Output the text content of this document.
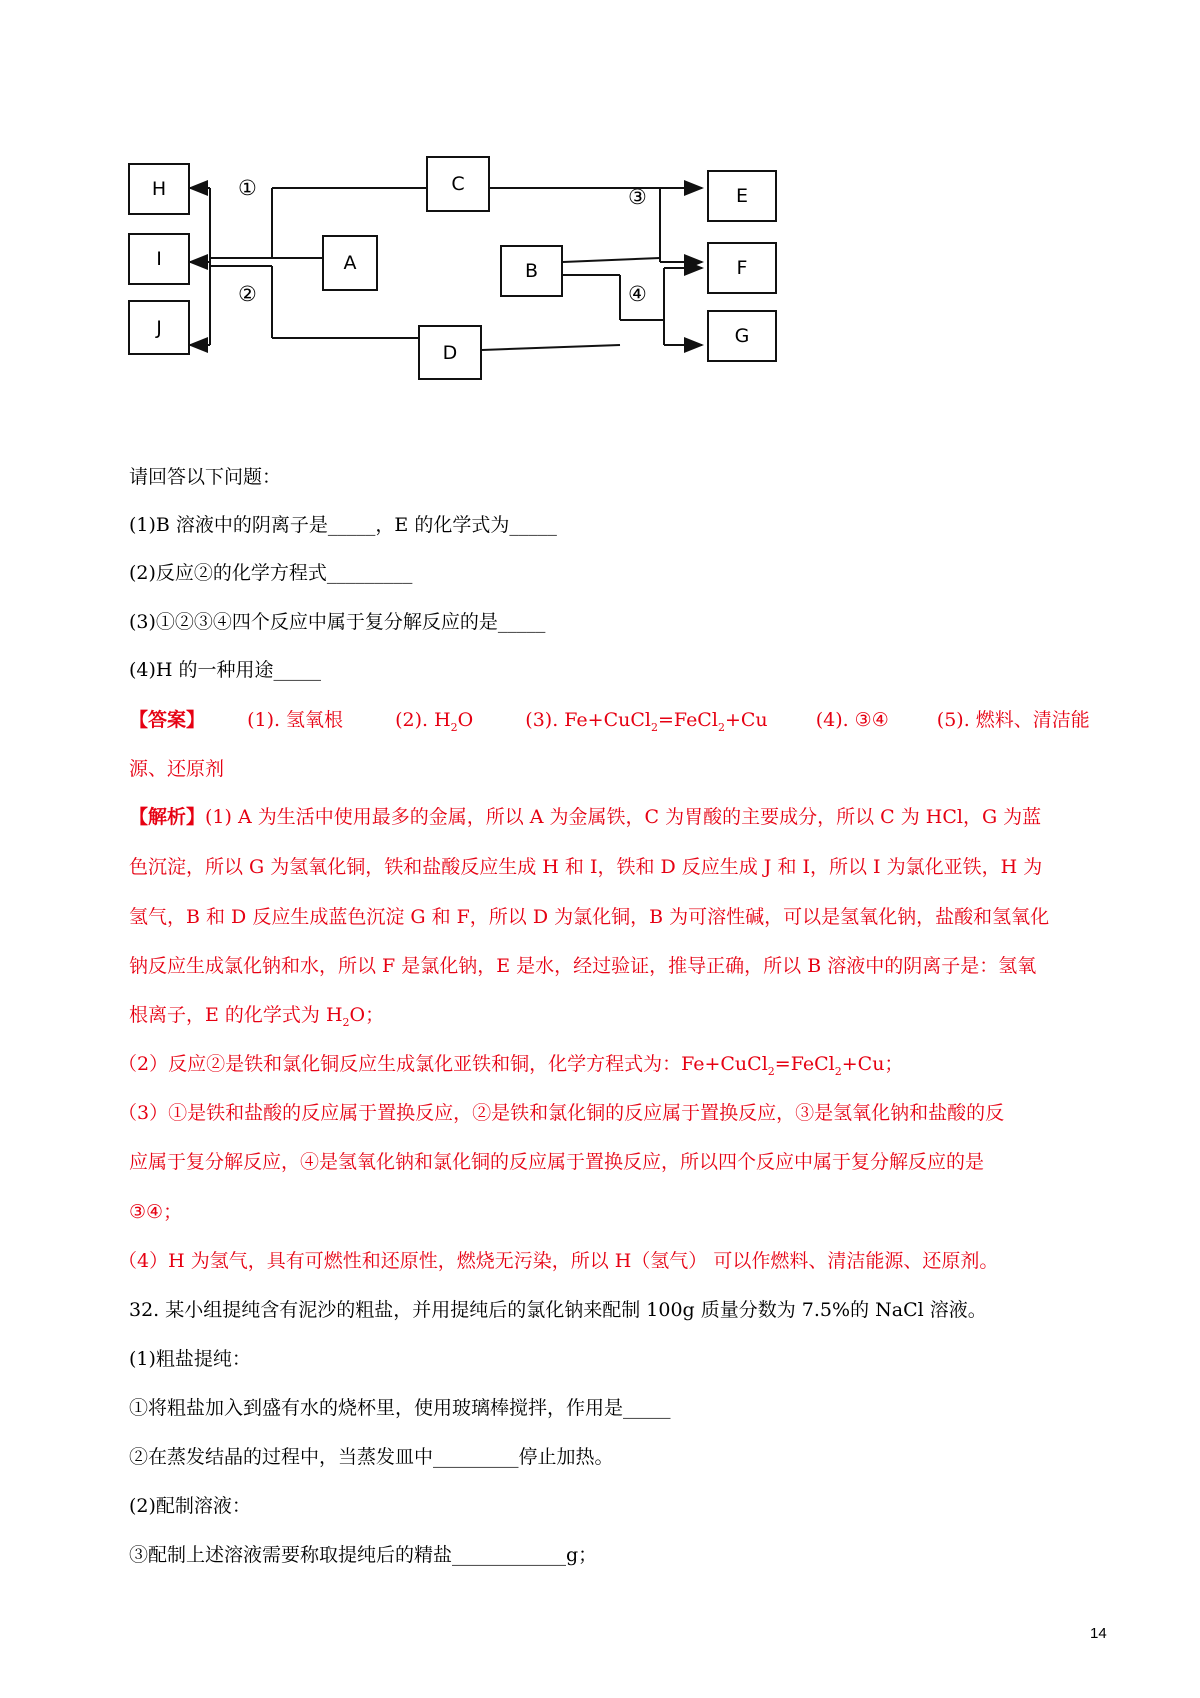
H
I
J
A
C
B
D
E
F
G
①
②
③
④
请回答以下问题：
(1)B 溶液中的阴离子是_____，E 的化学式为_____
(2)反应②的化学方程式_________
(3)①②③④四个反应中属于复分解反应的是_____
(4)H 的一种用途_____
【答案】 (1). 氢氧根	(2). $H_2O$	(3). Fe+CuCl$_2$=FeCl$_2$+Cu	(4). ③④	(5). 燃料、清洁能
源、还原剂
【解析】(1) A 为生活中使用最多的金属，所以 A 为金属铁，C 为胃酸的主要成分，所以 C 为 HCl，G 为蓝
色沉淀，所以 G 为氢氧化铜，铁和盐酸反应生成 H 和 I，铁和 D 反应生成 J 和 I，所以 I 为氯化亚铁，H 为
氢气，B 和 D 反应生成蓝色沉淀 G 和 F，所以 D 为氯化铜，B 为可溶性碱，可以是氢氧化钠，盐酸和氢氧化
钠反应生成氯化钠和水，所以 F 是氯化钠，E 是水，经过验证，推导正确，所以 B 溶液中的阴离子是：氢氧
根离子，E 的化学式为 $H_2O$；
（2）反应②是铁和氯化铜反应生成氯化亚铁和铜，化学方程式为：Fe+CuCl$_2$=FeCl$_2$+Cu；
（3）①是铁和盐酸的反应属于置换反应，②是铁和氯化铜的反应属于置换反应，③是氢氧化钠和盐酸的反
应属于复分解反应，④是氢氧化钠和氯化铜的反应属于置换反应，所以四个反应中属于复分解反应的是
③④；
（4）H 为氢气，具有可燃性和还原性，燃烧无污染，所以 H（氢气） 可以作燃料、清洁能源、还原剂。
32. 某小组提纯含有泥沙的粗盐，并用提纯后的氯化钠来配制 100g 质量分数为 7.5%的 NaCl 溶液。
(1)粗盐提纯：
①将粗盐加入到盛有水的烧杯里，使用玻璃棒搅拌，作用是_____
②在蒸发结晶的过程中，当蒸发皿中_________停止加热。
(2)配制溶液：
③配制上述溶液需要称取提纯后的精盐____________g；
14
